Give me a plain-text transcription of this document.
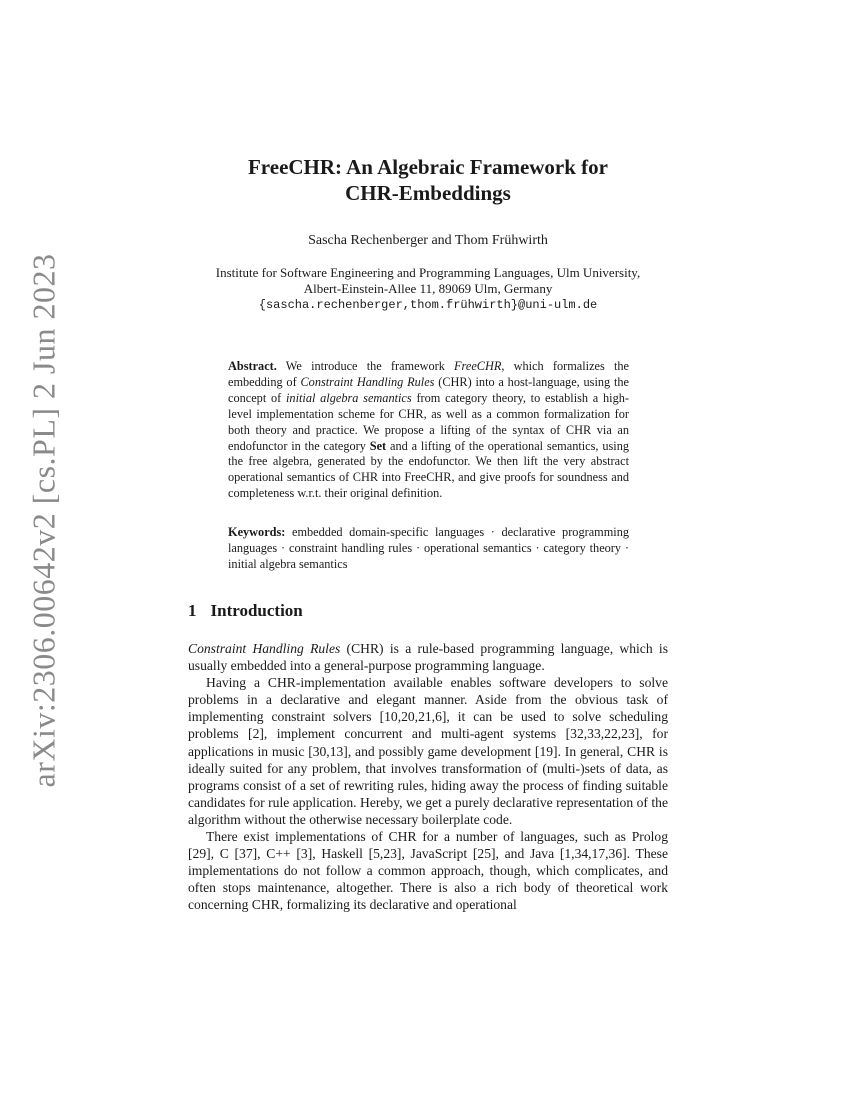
arXiv:2306.00642v2 [cs.PL] 2 Jun 2023
FreeCHR: An Algebraic Framework for
CHR-Embeddings
Sascha Rechenberger and Thom Frühwirth
Institute for Software Engineering and Programming Languages, Ulm University,
Albert-Einstein-Allee 11, 89069 Ulm, Germany
{sascha.rechenberger,thom.frühwirth}@uni-ulm.de

Abstract. We introduce the framework FreeCHR, which formalizes the embedding of Constraint Handling Rules (CHR) into a host-language, using the concept of initial algebra semantics from category theory, to establish a high-level implementation scheme for CHR, as well as a common formalization for both theory and practice. We propose a lifting of the syntax of CHR via an endofunctor in the category Set and a lifting of the operational semantics, using the free algebra, generated by the endofunctor. We then lift the very abstract operational semantics of CHR into FreeCHR, and give proofs for soundness and completeness w.r.t. their original definition.

Keywords: embedded domain-specific languages · declarative programming languages · constraint handling rules · operational semantics · category theory · initial algebra semantics

1 Introduction

Constraint Handling Rules (CHR) is a rule-based programming language, which is usually embedded into a general-purpose programming language.

Having a CHR-implementation available enables software developers to solve problems in a declarative and elegant manner. Aside from the obvious task of implementing constraint solvers [10,20,21,6], it can be used to solve scheduling problems [2], implement concurrent and multi-agent systems [32,33,22,23], for applications in music [30,13], and possibly game development [19]. In general, CHR is ideally suited for any problem, that involves transformation of (multi-)sets of data, as programs consist of a set of rewriting rules, hiding away the process of finding suitable candidates for rule application. Hereby, we get a purely declarative representation of the algorithm without the otherwise necessary boilerplate code.

There exist implementations of CHR for a number of languages, such as Prolog [29], C [37], C++ [3], Haskell [5,23], JavaScript [25], and Java [1,34,17,36]. These implementations do not follow a common approach, though, which complicates, and often stops maintenance, altogether. There is also a rich body of theoretical work concerning CHR, formalizing its declarative and operational
